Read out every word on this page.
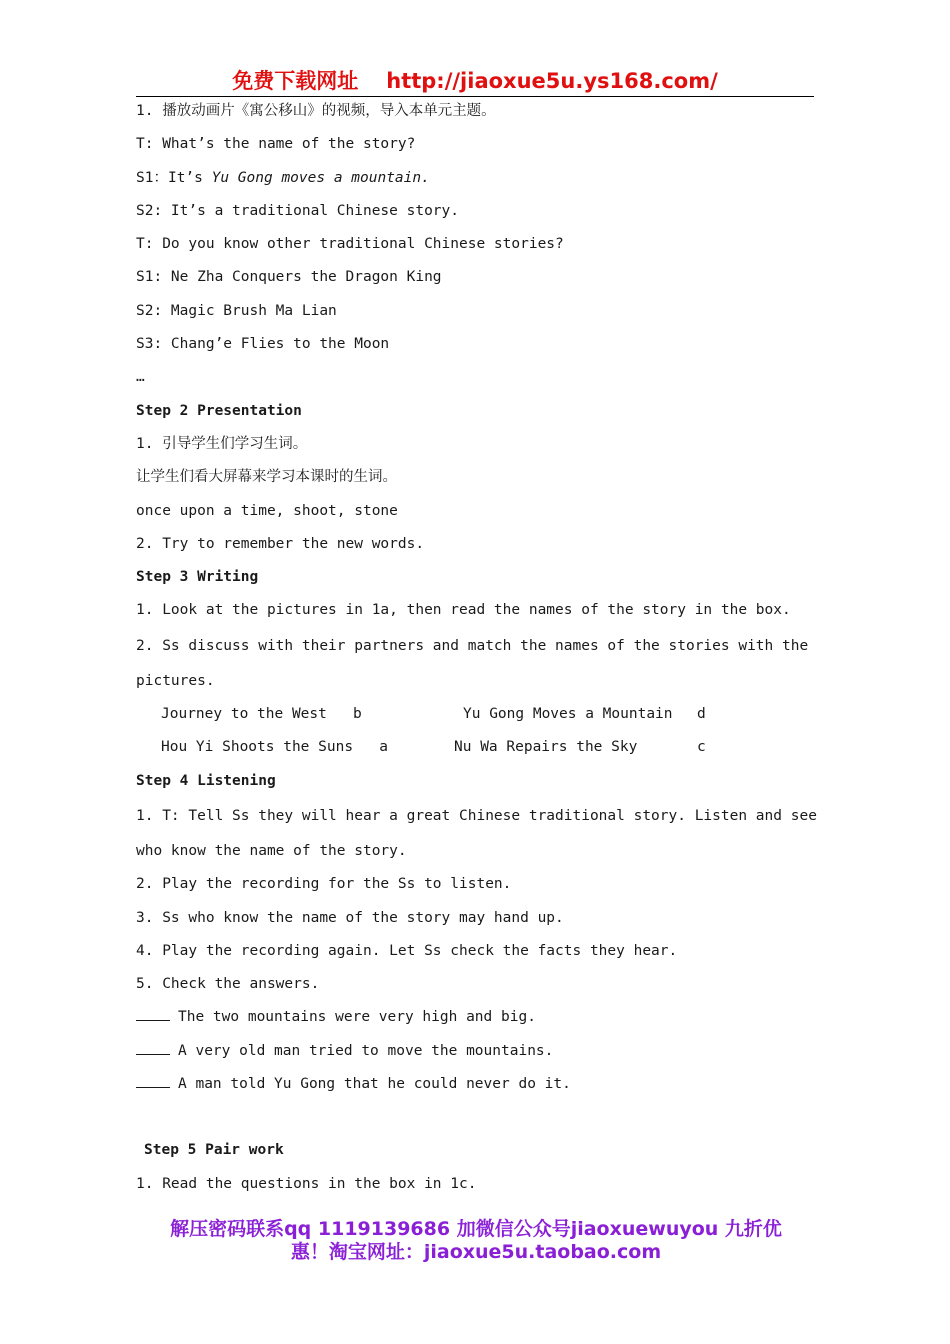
免费下载网址 http://jiaoxue5u.ys168.com/
1. 播放动画片《寓公移山》的视频，导入本单元主题。
T: What’s the name of the story?
S1：It’s Yu Gong moves a mountain.
S2: It’s a traditional Chinese story.
T: Do you know other traditional Chinese stories?
S1: Ne Zha Conquers the Dragon King
S2: Magic Brush Ma Lian
S3: Chang’e Flies to the Moon
…
Step 2 Presentation
1. 引导学生们学习生词。
让学生们看大屏幕来学习本课时的生词。
once upon a time, shoot, stone
2. Try to remember the new words.
Step 3 Writing
1. Look at the pictures in 1a, then read the names of the story in the box.
2. Ss discuss with their partners and match the names of the stories with the
pictures.
Journey to the West   b	Yu Gong Moves a Mountain d
Hou Yi Shoots the Suns   a	Nu Wa Repairs the Sky	c
Step 4 Listening
1. T: Tell Ss they will hear a great Chinese traditional story. Listen and see
who know the name of the story.
2. Play the recording for the Ss to listen.
3. Ss who know the name of the story may hand up.
4. Play the recording again. Let Ss check the facts they hear.
5. Check the answers.
The two mountains were very high and big.
A very old man tried to move the mountains.
A man told Yu Gong that he could never do it.
Step 5 Pair work
1. Read the questions in the box in 1c.
解压密码联系qq 1119139686 加微信公众号jiaoxuewuyou 九折优
惠！淘宝网址：jiaoxue5u.taobao.com
